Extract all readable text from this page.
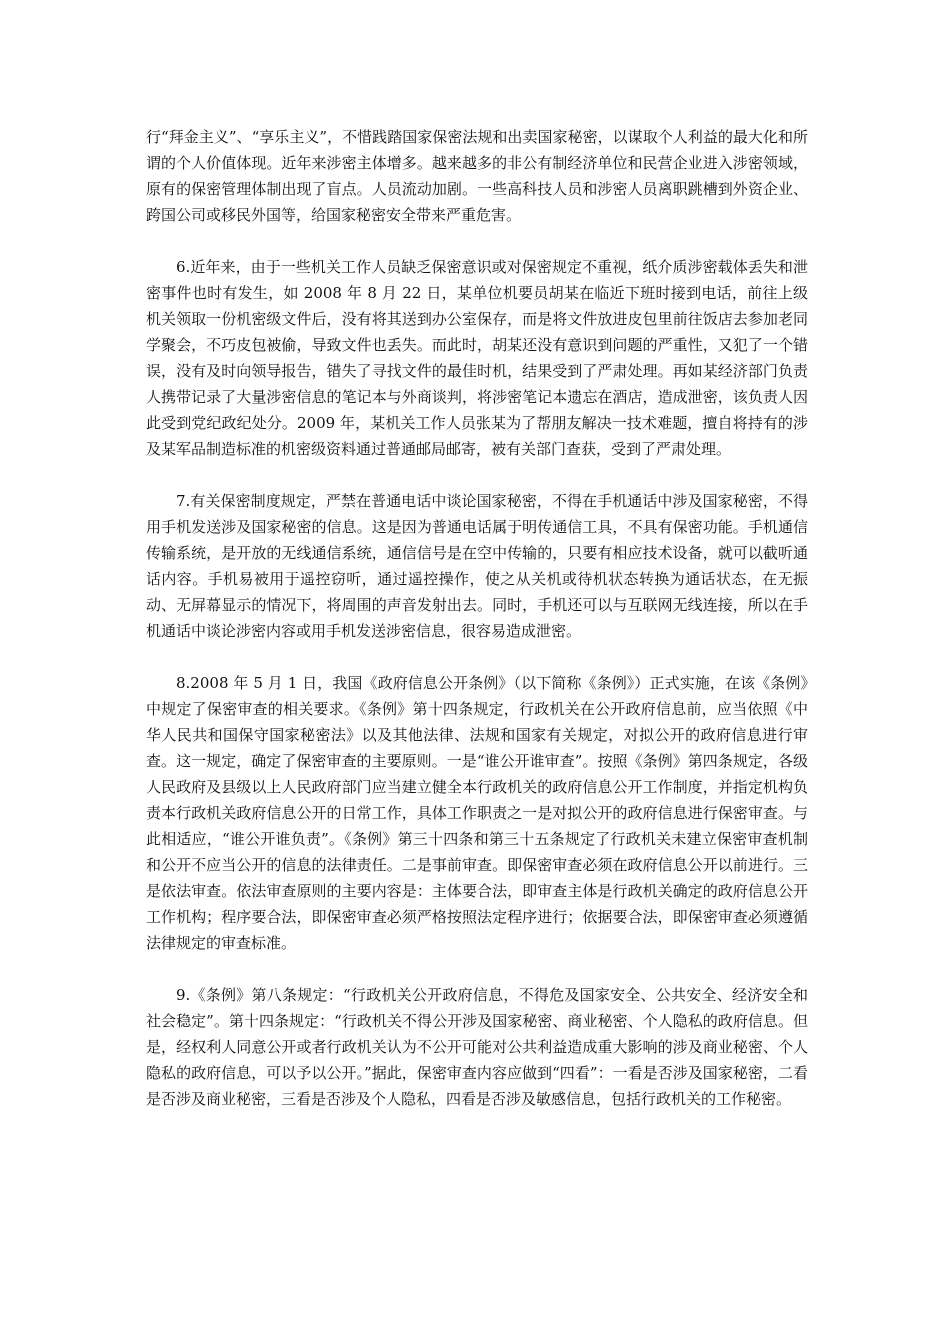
行“拜金主义”、“享乐主义”，不惜践踏国家保密法规和出卖国家秘密，以谋取个人利益的最大化和所谓的个人价值体现。近年来涉密主体增多。越来越多的非公有制经济单位和民营企业进入涉密领域，原有的保密管理体制出现了盲点。人员流动加剧。一些高科技人员和涉密人员离职跳槽到外资企业、跨国公司或移民外国等，给国家秘密安全带来严重危害。

6.近年来，由于一些机关工作人员缺乏保密意识或对保密规定不重视，纸介质涉密载体丢失和泄密事件也时有发生，如 2008 年 8 月 22 日，某单位机要员胡某在临近下班时接到电话，前往上级机关领取一份机密级文件后，没有将其送到办公室保存，而是将文件放进皮包里前往饭店去参加老同学聚会，不巧皮包被偷，导致文件也丢失。而此时，胡某还没有意识到问题的严重性，又犯了一个错误，没有及时向领导报告，错失了寻找文件的最佳时机，结果受到了严肃处理。再如某经济部门负责人携带记录了大量涉密信息的笔记本与外商谈判，将涉密笔记本遗忘在酒店，造成泄密，该负责人因此受到党纪政纪处分。2009 年，某机关工作人员张某为了帮朋友解决一技术难题，擅自将持有的涉及某军品制造标准的机密级资料通过普通邮局邮寄，被有关部门查获，受到了严肃处理。

7.有关保密制度规定，严禁在普通电话中谈论国家秘密，不得在手机通话中涉及国家秘密，不得用手机发送涉及国家秘密的信息。这是因为普通电话属于明传通信工具，不具有保密功能。手机通信传输系统，是开放的无线通信系统，通信信号是在空中传输的，只要有相应技术设备，就可以截听通话内容。手机易被用于遥控窃听，通过遥控操作，使之从关机或待机状态转换为通话状态，在无振动、无屏幕显示的情况下，将周围的声音发射出去。同时，手机还可以与互联网无线连接，所以在手机通话中谈论涉密内容或用手机发送涉密信息，很容易造成泄密。

8.2008 年 5 月 1 日，我国《政府信息公开条例》（以下简称《条例》）正式实施，在该《条例》中规定了保密审查的相关要求。《条例》第十四条规定，行政机关在公开政府信息前，应当依照《中华人民共和国保守国家秘密法》以及其他法律、法规和国家有关规定，对拟公开的政府信息进行审查。这一规定，确定了保密审查的主要原则。一是“谁公开谁审查”。按照《条例》第四条规定，各级人民政府及县级以上人民政府部门应当建立健全本行政机关的政府信息公开工作制度，并指定机构负责本行政机关政府信息公开的日常工作，具体工作职责之一是对拟公开的政府信息进行保密审查。与此相适应，“谁公开谁负责”。《条例》第三十四条和第三十五条规定了行政机关未建立保密审查机制和公开不应当公开的信息的法律责任。二是事前审查。即保密审查必须在政府信息公开以前进行。三是依法审查。依法审查原则的主要内容是：主体要合法，即审查主体是行政机关确定的政府信息公开工作机构；程序要合法，即保密审查必须严格按照法定程序进行；依据要合法，即保密审查必须遵循法律规定的审查标准。

9.《条例》第八条规定：“行政机关公开政府信息，不得危及国家安全、公共安全、经济安全和社会稳定”。第十四条规定：“行政机关不得公开涉及国家秘密、商业秘密、个人隐私的政府信息。但是，经权利人同意公开或者行政机关认为不公开可能对公共利益造成重大影响的涉及商业秘密、个人隐私的政府信息，可以予以公开。”据此，保密审查内容应做到“四看”：一看是否涉及国家秘密，二看是否涉及商业秘密，三看是否涉及个人隐私，四看是否涉及敏感信息，包括行政机关的工作秘密。
